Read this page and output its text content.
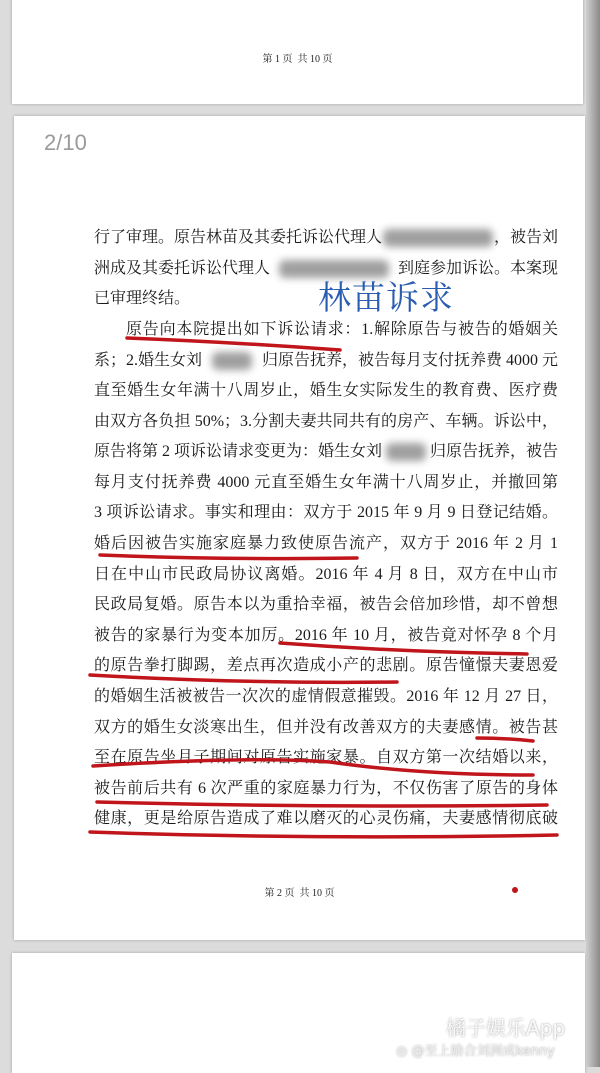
第 1 页  共 10 页
第 2 页  共 10 页
2/10
行了审理。原告林苗及其委托诉讼代理人	，被告刘
洲成及其委托诉讼代理人	到庭参加诉讼。本案现
已审理终结。
原告向本院提出如下诉讼请求：1.解除原告与被告的婚姻关
系；2.婚生女刘	归原告抚养，被告每月支付抚养费 4000 元
直至婚生女年满十八周岁止，婚生女实际发生的教育费、医疗费
由双方各负担 50%；3.分割夫妻共同共有的房产、车辆。诉讼中，
原告将第 2 项诉讼请求变更为：婚生女刘	归原告抚养，被告
每月支付抚养费 4000 元直至婚生女年满十八周岁止，并撤回第
3 项诉讼请求。事实和理由：双方于 2015 年 9 月 9 日登记结婚。
婚后因被告实施家庭暴力致使原告流产，双方于 2016 年 2 月 1
日在中山市民政局协议离婚。2016 年 4 月 8 日，双方在中山市
民政局复婚。原告本以为重拾幸福，被告会倍加珍惜，却不曾想
被告的家暴行为变本加厉。2016 年 10 月，被告竟对怀孕 8 个月
的原告拳打脚踢，差点再次造成小产的悲剧。原告憧憬夫妻恩爱
的婚姻生活被被告一次次的虚情假意摧毁。2016 年 12 月 27 日，
双方的婚生女淡寒出生，但并没有改善双方的夫妻感情。被告甚
至在原告坐月子期间对原告实施家暴。自双方第一次结婚以来，
被告前后共有 6 次严重的家庭暴力行为，不仅伤害了原告的身体
健康，更是给原告造成了难以磨灭的心灵伤痛，夫妻感情彻底破
林苗诉求
橘子娱乐App
◎ @至上励合刘洲成kenny
